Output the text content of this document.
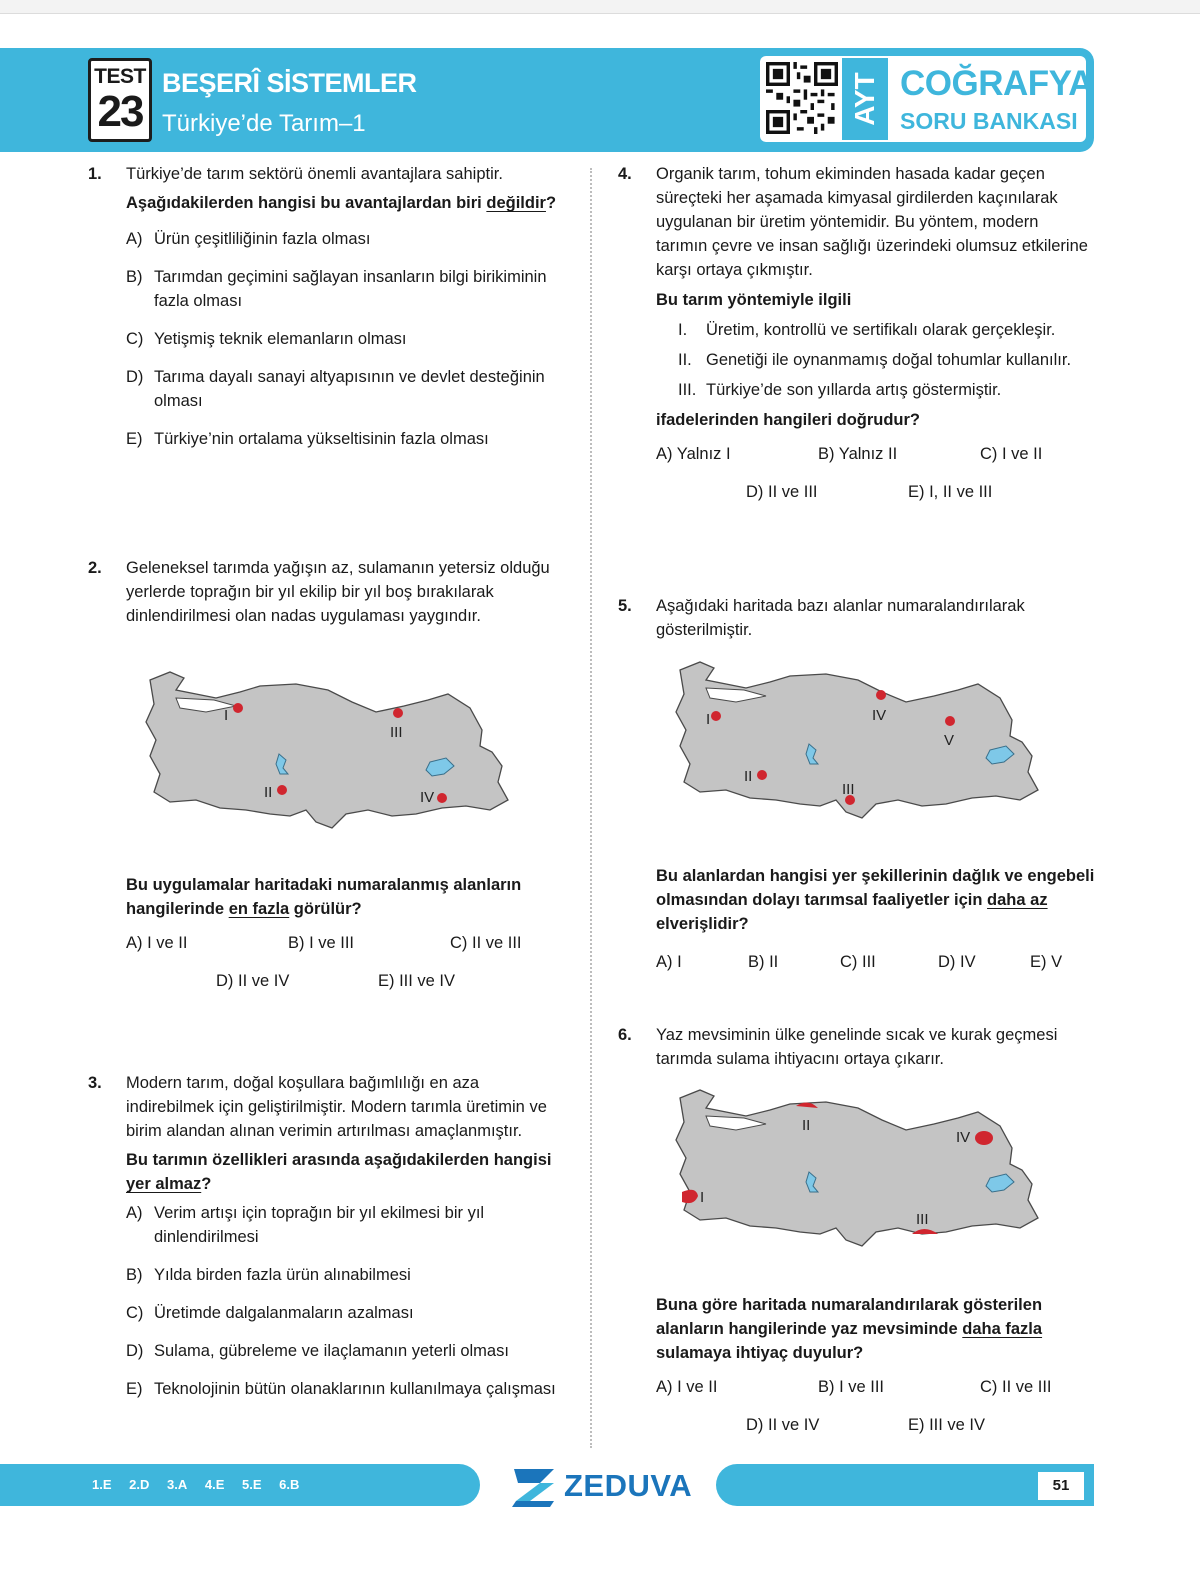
TEST
23
BEŞERÎ SİSTEMLER
Türkiye’de Tarım–1	AYT COĞRAFYA
SORU BANKASI
1. Türkiye’de tarım sektörü önemli avantajlara sahiptir.

Aşağıdakilerden hangisi bu avantajlardan biri değildir?

A) Ürün çeşitliliğinin fazla olması
B) Tarımdan geçimini sağlayan insanların bilgi birikiminin fazla olması
C) Yetişmiş teknik elemanların olması
D) Tarıma dayalı sanayi altyapısının ve devlet desteğinin olması
E) Türkiye’nin ortalama yükseltisinin fazla olması
2. Geleneksel tarımda yağışın az, sulamanın yetersiz olduğu yerlerde toprağın bir yıl ekilip bir yıl boş bırakılarak dinlendirilmesi olan nadas uygulaması yaygındır.

I
II
III
IV

Bu uygulamalar haritadaki numaralanmış alanların hangilerinde en fazla görülür?

A) I ve II	B) I ve III	C) II ve III
D) II ve IV	E) III ve IV
3. Modern tarım, doğal koşullara bağımlılığı en aza indirebilmek için geliştirilmiştir. Modern tarımla üretimin ve birim alandan alınan verimin artırılması amaçlanmıştır.

Bu tarımın özellikleri arasında aşağıdakilerden hangisi yer almaz?

A) Verim artışı için toprağın bir yıl ekilmesi bir yıl dinlendirilmesi
B) Yılda birden fazla ürün alınabilmesi
C) Üretimde dalgalanmaların azalması
D) Sulama, gübreleme ve ilaçlamanın yeterli olması
E) Teknolojinin bütün olanaklarının kullanılmaya çalışması
4. Organik tarım, tohum ekiminden hasada kadar geçen süreçteki her aşamada kimyasal girdilerden kaçınılarak uygulanan bir üretim yöntemidir. Bu yöntem, modern tarımın çevre ve insan sağlığı üzerindeki olumsuz etkilerine karşı ortaya çıkmıştır.

Bu tarım yöntemiyle ilgili

I. Üretim, kontrollü ve sertifikalı olarak gerçekleşir.
II. Genetiği ile oynanmamış doğal tohumlar kullanılır.
III. Türkiye’de son yıllarda artış göstermiştir.

ifadelerinden hangileri doğrudur?

A) Yalnız I	B) Yalnız II	C) I ve II
D) II ve III	E) I, II ve III
5. Aşağıdaki haritada bazı alanlar numaralandırılarak gösterilmiştir.

I
II
III
IV
V

Bu alanlardan hangisi yer şekillerinin dağlık ve engebeli olmasından dolayı tarımsal faaliyetler için daha az elverişlidir?

A) I	B) II	C) III	D) IV	E) V
6. Yaz mevsiminin ülke genelinde sıcak ve kurak geçmesi tarımda sulama ihtiyacını ortaya çıkarır.

I
II
III
IV

Buna göre haritada numaralandırılarak gösterilen alanların hangilerinde yaz mevsiminde daha fazla sulamaya ihtiyaç duyulur?

A) I ve II	B) I ve III	C) II ve III
D) II ve IV	E) III ve IV
1.E 2.D 3.A 4.E 5.E 6.B	ZEDUVA	51
